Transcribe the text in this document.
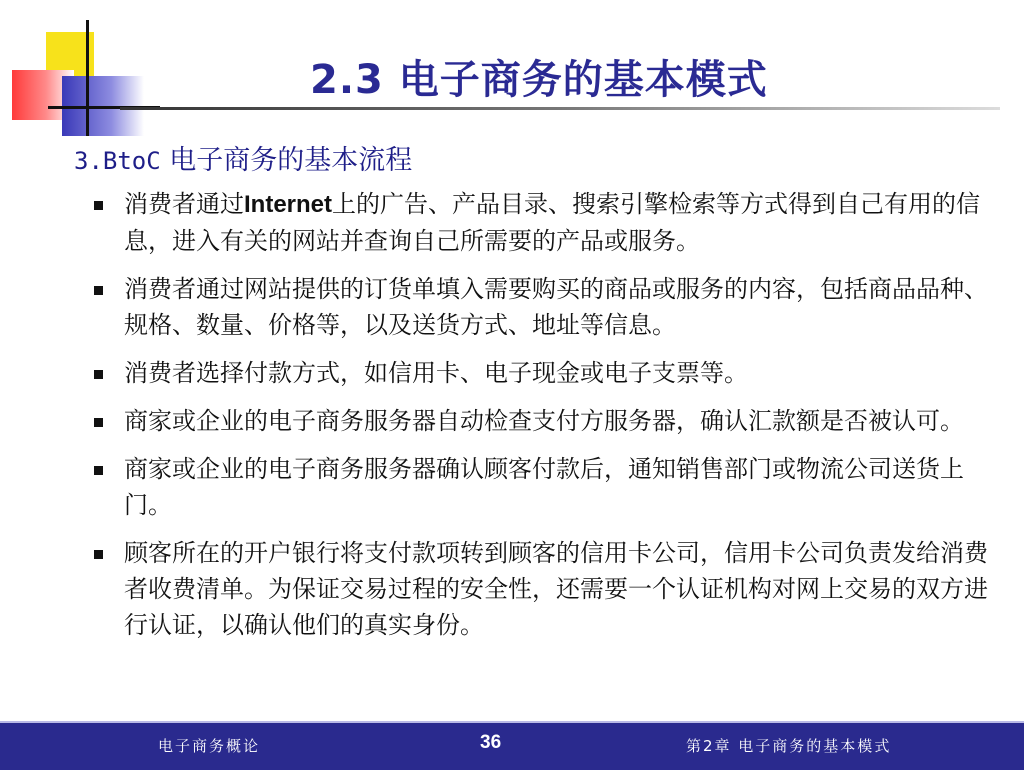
2.3 电子商务的基本模式
3.BtoC 电子商务的基本流程
消费者通过Internet上的广告、产品目录、搜索引擎检索等方式得到自己有用的信息，进入有关的网站并查询自己所需要的产品或服务。
消费者通过网站提供的订货单填入需要购买的商品或服务的内容，包括商品品种、规格、数量、价格等，以及送货方式、地址等信息。
消费者选择付款方式，如信用卡、电子现金或电子支票等。
商家或企业的电子商务服务器自动检查支付方服务器，确认汇款额是否被认可。
商家或企业的电子商务服务器确认顾客付款后，通知销售部门或物流公司送货上门。
顾客所在的开户银行将支付款项转到顾客的信用卡公司，信用卡公司负责发给消费者收费清单。为保证交易过程的安全性，还需要一个认证机构对网上交易的双方进行认证，以确认他们的真实身份。
电子商务概论	36	第2章 电子商务的基本模式
